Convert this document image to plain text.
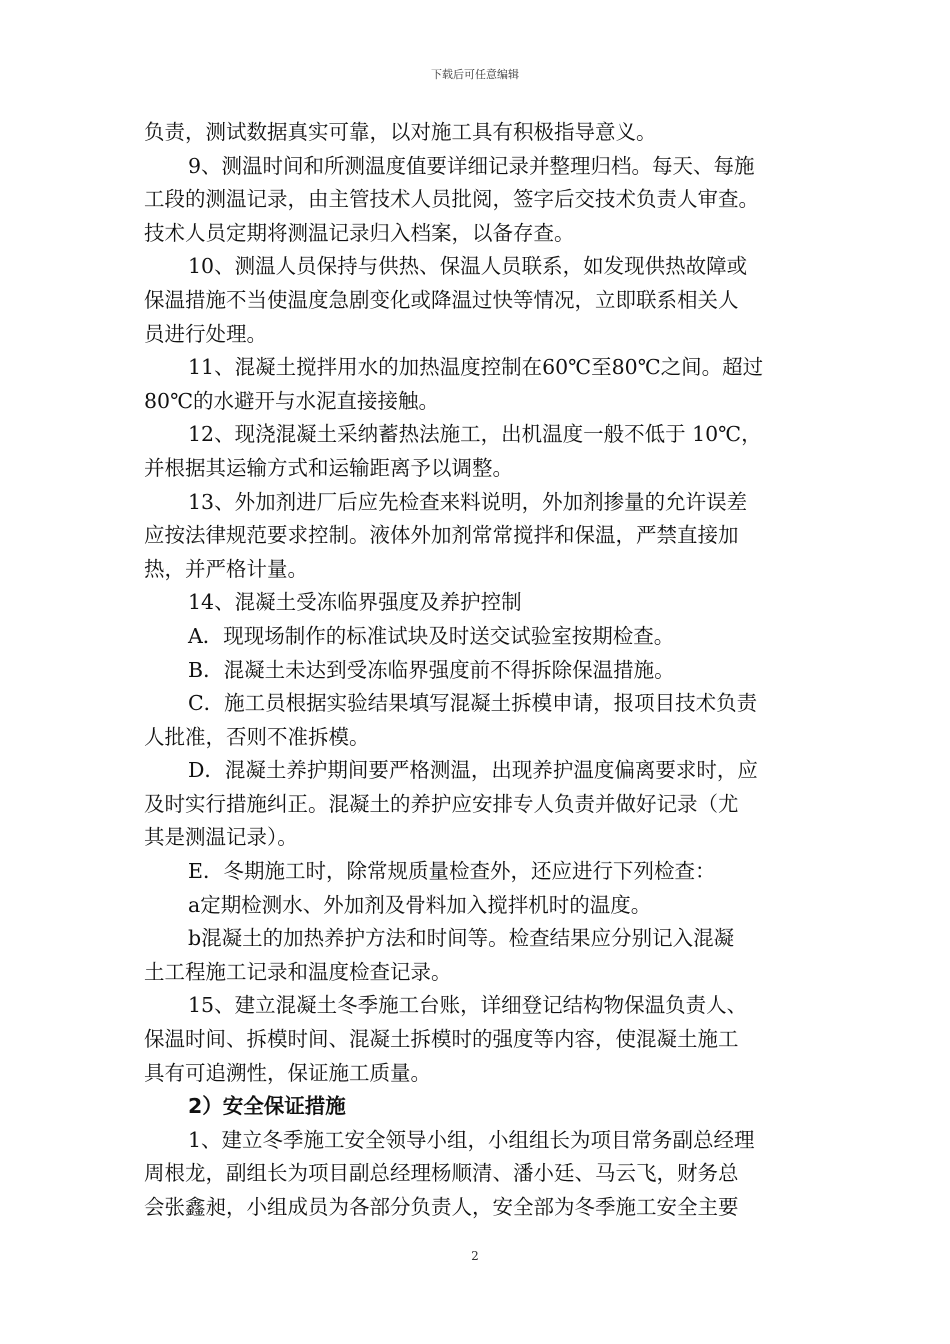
下载后可任意编辑
负责，测试数据真实可靠，以对施工具有积极指导意义。
9、测温时间和所测温度值要详细记录并整理归档。每天、每施
工段的测温记录，由主管技术人员批阅，签字后交技术负责人审查。
技术人员定期将测温记录归入档案，以备存查。
10、测温人员保持与供热、保温人员联系，如发现供热故障或
保温措施不当使温度急剧变化或降温过快等情况，立即联系相关人
员进行处理。
11、混凝土搅拌用水的加热温度控制在60℃至80℃之间。超过
80℃的水避开与水泥直接接触。
12、现浇混凝土采纳蓄热法施工，出机温度一般不低于 10℃，
并根据其运输方式和运输距离予以调整。
13、外加剂进厂后应先检查来料说明，外加剂掺量的允许误差
应按法律规范要求控制。液体外加剂常常搅拌和保温，严禁直接加
热，并严格计量。
14、混凝土受冻临界强度及养护控制
A．现现场制作的标准试块及时送交试验室按期检查。
B．混凝土未达到受冻临界强度前不得拆除保温措施。
C．施工员根据实验结果填写混凝土拆模申请，报项目技术负责
人批准，否则不准拆模。
D．混凝土养护期间要严格测温，出现养护温度偏离要求时，应
及时实行措施纠正。混凝土的养护应安排专人负责并做好记录（尤
其是测温记录）。
E．冬期施工时，除常规质量检查外，还应进行下列检查：
a定期检测水、外加剂及骨料加入搅拌机时的温度。
b混凝土的加热养护方法和时间等。检查结果应分别记入混凝
土工程施工记录和温度检查记录。
15、建立混凝土冬季施工台账，详细登记结构物保温负责人、
保温时间、拆模时间、混凝土拆模时的强度等内容，使混凝土施工
具有可追溯性，保证施工质量。
2）安全保证措施
1、建立冬季施工安全领导小组，小组组长为项目常务副总经理
周根龙，副组长为项目副总经理杨顺清、潘小廷、马云飞，财务总
会张鑫昶，小组成员为各部分负责人，安全部为冬季施工安全主要
2
